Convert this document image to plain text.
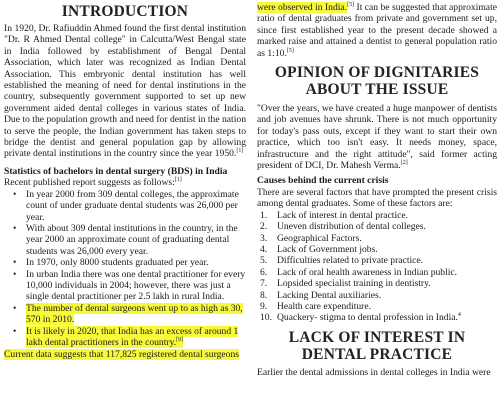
INTRODUCTION

In 1920, Dr. Rafiuddin Ahmed found the first dental institution "Dr. R Ahmed Dental college" in Calcutta/West Bengal state in India followed by establishment of Bengal Dental Association, which later was recognized as Indian Dental Association. This embryonic dental institution has well established the meaning of need for dental institutions in the country, subsequently government supported to set up new government aided dental colleges in various states of India. Due to the population growth and need for dentist in the nation to serve the people, the Indian government has taken steps to bridge the dentist and general population gap by allowing private dental institutions in the country since the year 1950.[1]

Statistics of bachelors in dental surgery (BDS) in India
Recent published report suggests as follows:[1]
• In year 2000 from 309 dental colleges, the approximate count of under graduate dental students was 26,000 per year.
• With about 309 dental institutions in the country, in the year 2000 an approximate count of graduating dental students was 26,000 every year.
• In 1970, only 8000 students graduated per year.
• In urban India there was one dental practitioner for every 10,000 individuals in 2004; however, there was just a single dental practitioner per 2.5 lakh in rural India.
• The number of dental surgeons went up to as high as 30, 570 in 2010.
• It is likely in 2020, that India has an excess of around 1 lakh dental practitioners in the country.[9]

Current data suggests that 117,825 registered dental surgeons

were observed in India.[5] It can be suggested that approximate ratio of dental graduates from private and government set up, since first established year to the present decade showed a marked raise and attained a dentist to general population ratio as 1:10.[5]

OPINION OF DIGNITARIES ABOUT THE ISSUE

"Over the years, we have created a huge manpower of dentists and job avenues have shrunk. There is not much opportunity for today's pass outs, except if they want to start their own practice, which too isn't easy. It needs money, space, infrastructure and the right attitude", said former acting president of DCI, Dr. Mahesh Verma.[2]

Causes behind the current crisis

There are several factors that have prompted the present crisis among dental graduates. Some of these factors are:

1. Lack of interest in dental practice.
2. Uneven distribution of dental colleges.
3. Geographical Factors.
4. Lack of Government jobs.
5. Difficulties related to private practice.
6. Lack of oral health awareness in Indian public.
7. Lopsided specialist training in dentistry.
8. Lacking Dental auxiliaries.
9. Health care expenditure.
10. Quackery- stigma to dental profession in India.$^4$
LACK OF INTEREST IN DENTAL PRACTICE

Earlier the dental admissions in dental colleges in India were
